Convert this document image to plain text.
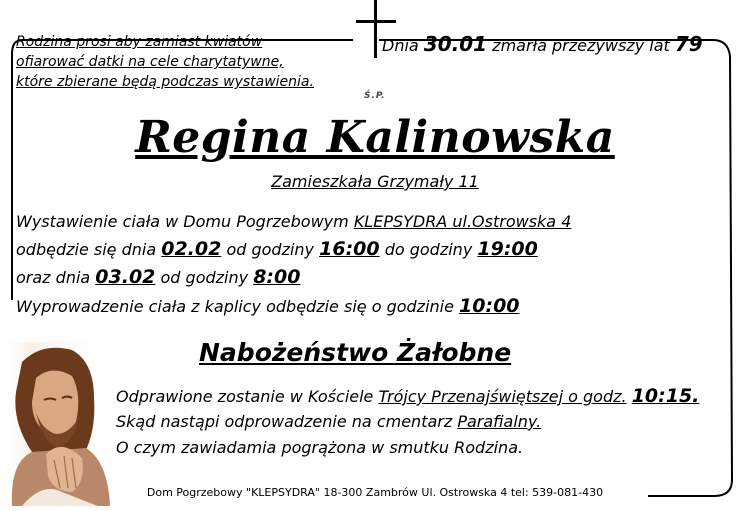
Rodzina prosi aby zamiast kwiatów
ofiarować datki na cele charytatywne,
które zbierane będą podczas wystawienia.
Dnia 30.01 zmarła przeżywszy lat 79
Ś.P.
Regina Kalinowska
Zamieszkała Grzymały 11
Wystawienie ciała w Domu Pogrzebowym KLEPSYDRA ul.Ostrowska 4
odbędzie się dnia 02.02 od godziny 16:00 do godziny 19:00
oraz dnia 03.02 od godziny 8:00
Wyprowadzenie ciała z kaplicy odbędzie się o godzinie 10:00
Nabożeństwo Żałobne
Odprawione zostanie w Kościele Trójcy Przenajświętszej o godz. 10:15.
Skąd nastąpi odprowadzenie na cmentarz Parafialny.
O czym zawiadamia pogrążona w smutku Rodzina.
Dom Pogrzebowy "KLEPSYDRA" 18-300 Zambrów Ul. Ostrowska 4 tel: 539-081-430
